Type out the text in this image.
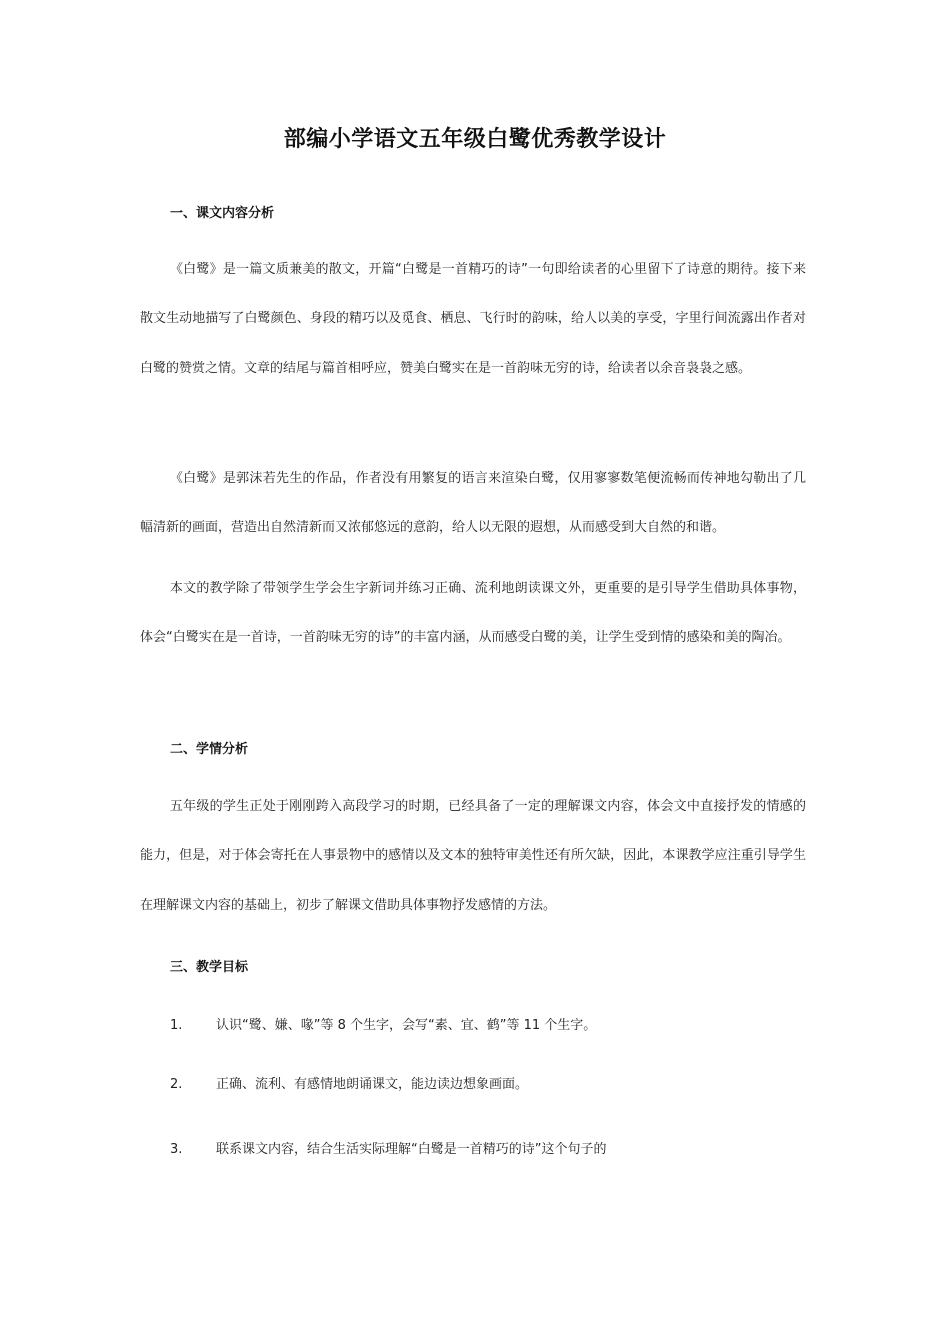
部编小学语文五年级白鹭优秀教学设计
一、课文内容分析

《白鹭》是一篇文质兼美的散文，开篇“白鹭是一首精巧的诗”一句即给读者的心里留下了诗意的期待。接下来散文生动地描写了白鹭颜色、身段的精巧以及觅食、栖息、飞行时的韵味，给人以美的享受，字里行间流露出作者对白鹭的赞赏之情。文章的结尾与篇首相呼应，赞美白鹭实在是一首韵味无穷的诗，给读者以余音袅袅之感。

《白鹭》是郭沫若先生的作品，作者没有用繁复的语言来渲染白鹭，仅用寥寥数笔便流畅而传神地勾勒出了几幅清新的画面，营造出自然清新而又浓郁悠远的意韵，给人以无限的遐想，从而感受到大自然的和谐。

本文的教学除了带领学生学会生字新词并练习正确、流利地朗读课文外，更重要的是引导学生借助具体事物，体会“白鹭实在是一首诗，一首韵味无穷的诗”的丰富内涵，从而感受白鹭的美，让学生受到情的感染和美的陶冶。

二、学情分析

五年级的学生正处于刚刚跨入高段学习的时期，已经具备了一定的理解课文内容，体会文中直接抒发的情感的能力，但是，对于体会寄托在人事景物中的感情以及文本的独特审美性还有所欠缺，因此，本课教学应注重引导学生在理解课文内容的基础上，初步了解课文借助具体事物抒发感情的方法。

三、教学目标
1.	认识“鹭、嫌、喙”等 8 个生字，会写“素、宜、鹤”等 11 个生字。
2.	正确、流利、有感情地朗诵课文，能边读边想象画面。
3.	联系课文内容，结合生活实际理解“白鹭是一首精巧的诗”这个句子的
